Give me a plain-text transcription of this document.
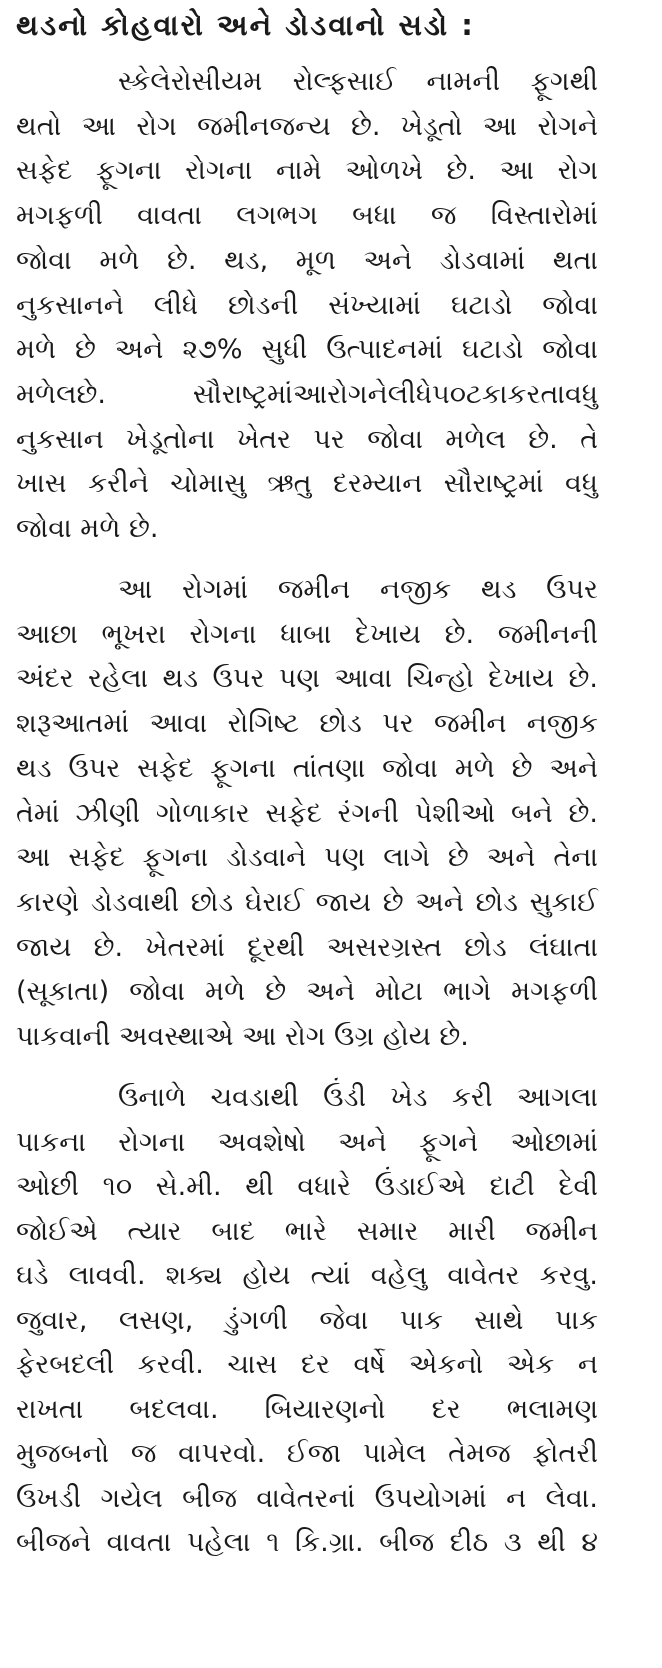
થડનો કોહવારો અને ડોડવાનો સડો :
સ્કેલેરોસીયમ રોલ્ફસાઈ નામની ફૂગથી
થતો આ રોગ જમીનજન્ય છે. ખેડૂતો આ રોગને
સફેદ ફૂગના રોગના નામે ઓળખે છે. આ રોગ
મગફળી વાવતા લગભગ બધા જ વિસ્તારોમાં
જોવા મળે છે. થડ, મૂળ અને ડોડવામાં થતા
નુકસાનને લીધે છોડની સંખ્યામાં ઘટાડો જોવા
મળે છે અને ૨૭% સુધી ઉત્પાદનમાં ઘટાડો જોવા
મળેલછે. સૌરાષ્ટ્રમાંઆરોગનેલીધે૫૦ટકાકરતાવધુ
નુકસાન ખેડૂતોના ખેતર પર જોવા મળેલ છે. તે
ખાસ કરીને ચોમાસુ ઋતુ દરમ્યાન સૌરાષ્ટ્રમાં વધુ
જોવા મળે છે.
આ રોગમાં જમીન નજીક થડ ઉપર
આછા ભૂખરા રોગના ધાબા દેખાય છે. જમીનની
અંદર રહેલા થડ ઉપર પણ આવા ચિન્હો દેખાય છે.
શરૂઆતમાં આવા રોગિષ્ટ છોડ પર જમીન નજીક
થડ ઉપર સફેદ ફૂગના તાંતણા જોવા મળે છે અને
તેમાં ઝીણી ગોળાકાર સફેદ રંગની પેશીઓ બને છે.
આ સફેદ ફૂગના ડોડવાને પણ લાગે છે અને તેના
કારણે ડોડવાથી છોડ ઘેરાઈ જાય છે અને છોડ સુકાઈ
જાય છે. ખેતરમાં દૂરથી અસરગ્રસ્ત છોડ લંઘાતા
(સૂકાતા) જોવા મળે છે અને મોટા ભાગે મગફળી
પાકવાની અવસ્થાએ આ રોગ ઉગ્ર હોય છે.
ઉનાળે ચવડાથી ઉંડી ખેડ કરી આગલા
પાકના રોગના અવશેષો અને ફૂગને ઓછામાં
ઓછી ૧૦ સે.મી. થી વધારે ઉંડાઈએ દાટી દેવી
જોઈએ ત્યાર બાદ ભારે સમાર મારી જમીન
ઘડે લાવવી. શક્ય હોય ત્યાં વહેલુ વાવેતર કરવુ.
જુવાર, લસણ, ડુંગળી જેવા પાક સાથે પાક
ફેરબદલી કરવી. ચાસ દર વર્ષે એકનો એક ન
રાખતા બદલવા. બિયારણનો દર ભલામણ
મુજબનો જ વાપરવો. ઈજા પામેલ તેમજ ફોતરી
ઉખડી ગયેલ બીજ વાવેતરનાં ઉપયોગમાં ન લેવા.
બીજને વાવતા પહેલા ૧ કિ.ગ્રા. બીજ દીઠ ૩ થી ૪
